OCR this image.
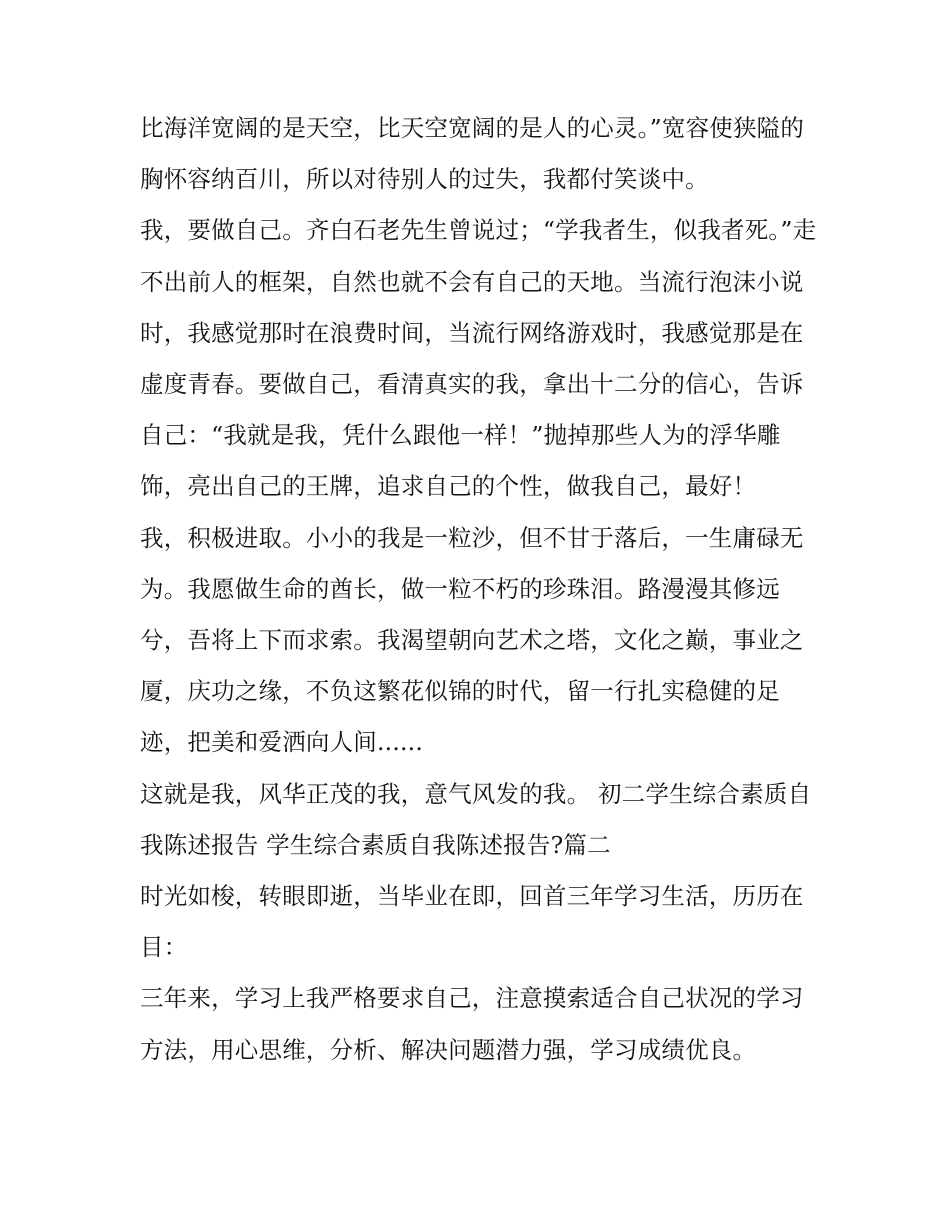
比海洋宽阔的是天空，比天空宽阔的是人的心灵。”宽容使狭隘的胸怀容纳百川，所以对待别人的过失，我都付笑谈中。

我，要做自己。齐白石老先生曾说过；“学我者生，似我者死。”走不出前人的框架，自然也就不会有自己的天地。当流行泡沫小说时，我感觉那时在浪费时间，当流行网络游戏时，我感觉那是在虚度青春。要做自己，看清真实的我，拿出十二分的信心，告诉自己：“我就是我，凭什么跟他一样！”抛掉那些人为的浮华雕饰，亮出自己的王牌，追求自己的个性，做我自己，最好！

我，积极进取。小小的我是一粒沙，但不甘于落后，一生庸碌无为。我愿做生命的酋长，做一粒不朽的珍珠泪。路漫漫其修远兮，吾将上下而求索。我渴望朝向艺术之塔，文化之巅，事业之厦，庆功之缘，不负这繁花似锦的时代，留一行扎实稳健的足迹，把美和爱洒向人间......

这就是我，风华正茂的我，意气风发的我。 初二学生综合素质自我陈述报告 学生综合素质自我陈述报告?篇二

时光如梭，转眼即逝，当毕业在即，回首三年学习生活，历历在目：

三年来，学习上我严格要求自己，注意摸索适合自己状况的学习方法，用心思维，分析、解决问题潜力强，学习成绩优良。
